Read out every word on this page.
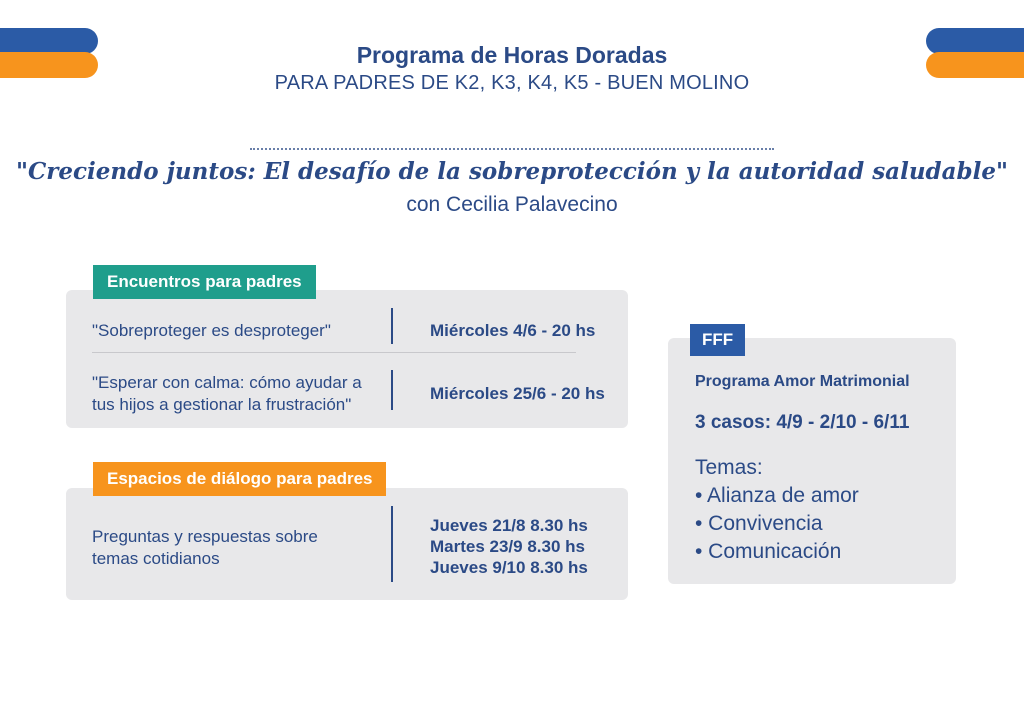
Programa de Horas Doradas
PARA PADRES DE K2, K3, K4, K5 - BUEN MOLINO
"Creciendo juntos: El desafío de la sobreprotección y la autoridad saludable"
con Cecilia Palavecino
Encuentros para padres
"Sobreproteger es desproteger"	Miércoles 4/6 - 20 hs
"Esperar con calma: cómo ayudar a
tus hijos a gestionar la frustración"
Miércoles 25/6 - 20 hs
Espacios de diálogo para padres
Preguntas y respuestas sobre
temas cotidianos
Jueves 21/8 8.30 hs
Martes 23/9 8.30 hs
Jueves 9/10 8.30 hs
FFF
Programa Amor Matrimonial
3 casos: 4/9 - 2/10 - 6/11
Temas:
• Alianza de amor
• Convivencia
• Comunicación
